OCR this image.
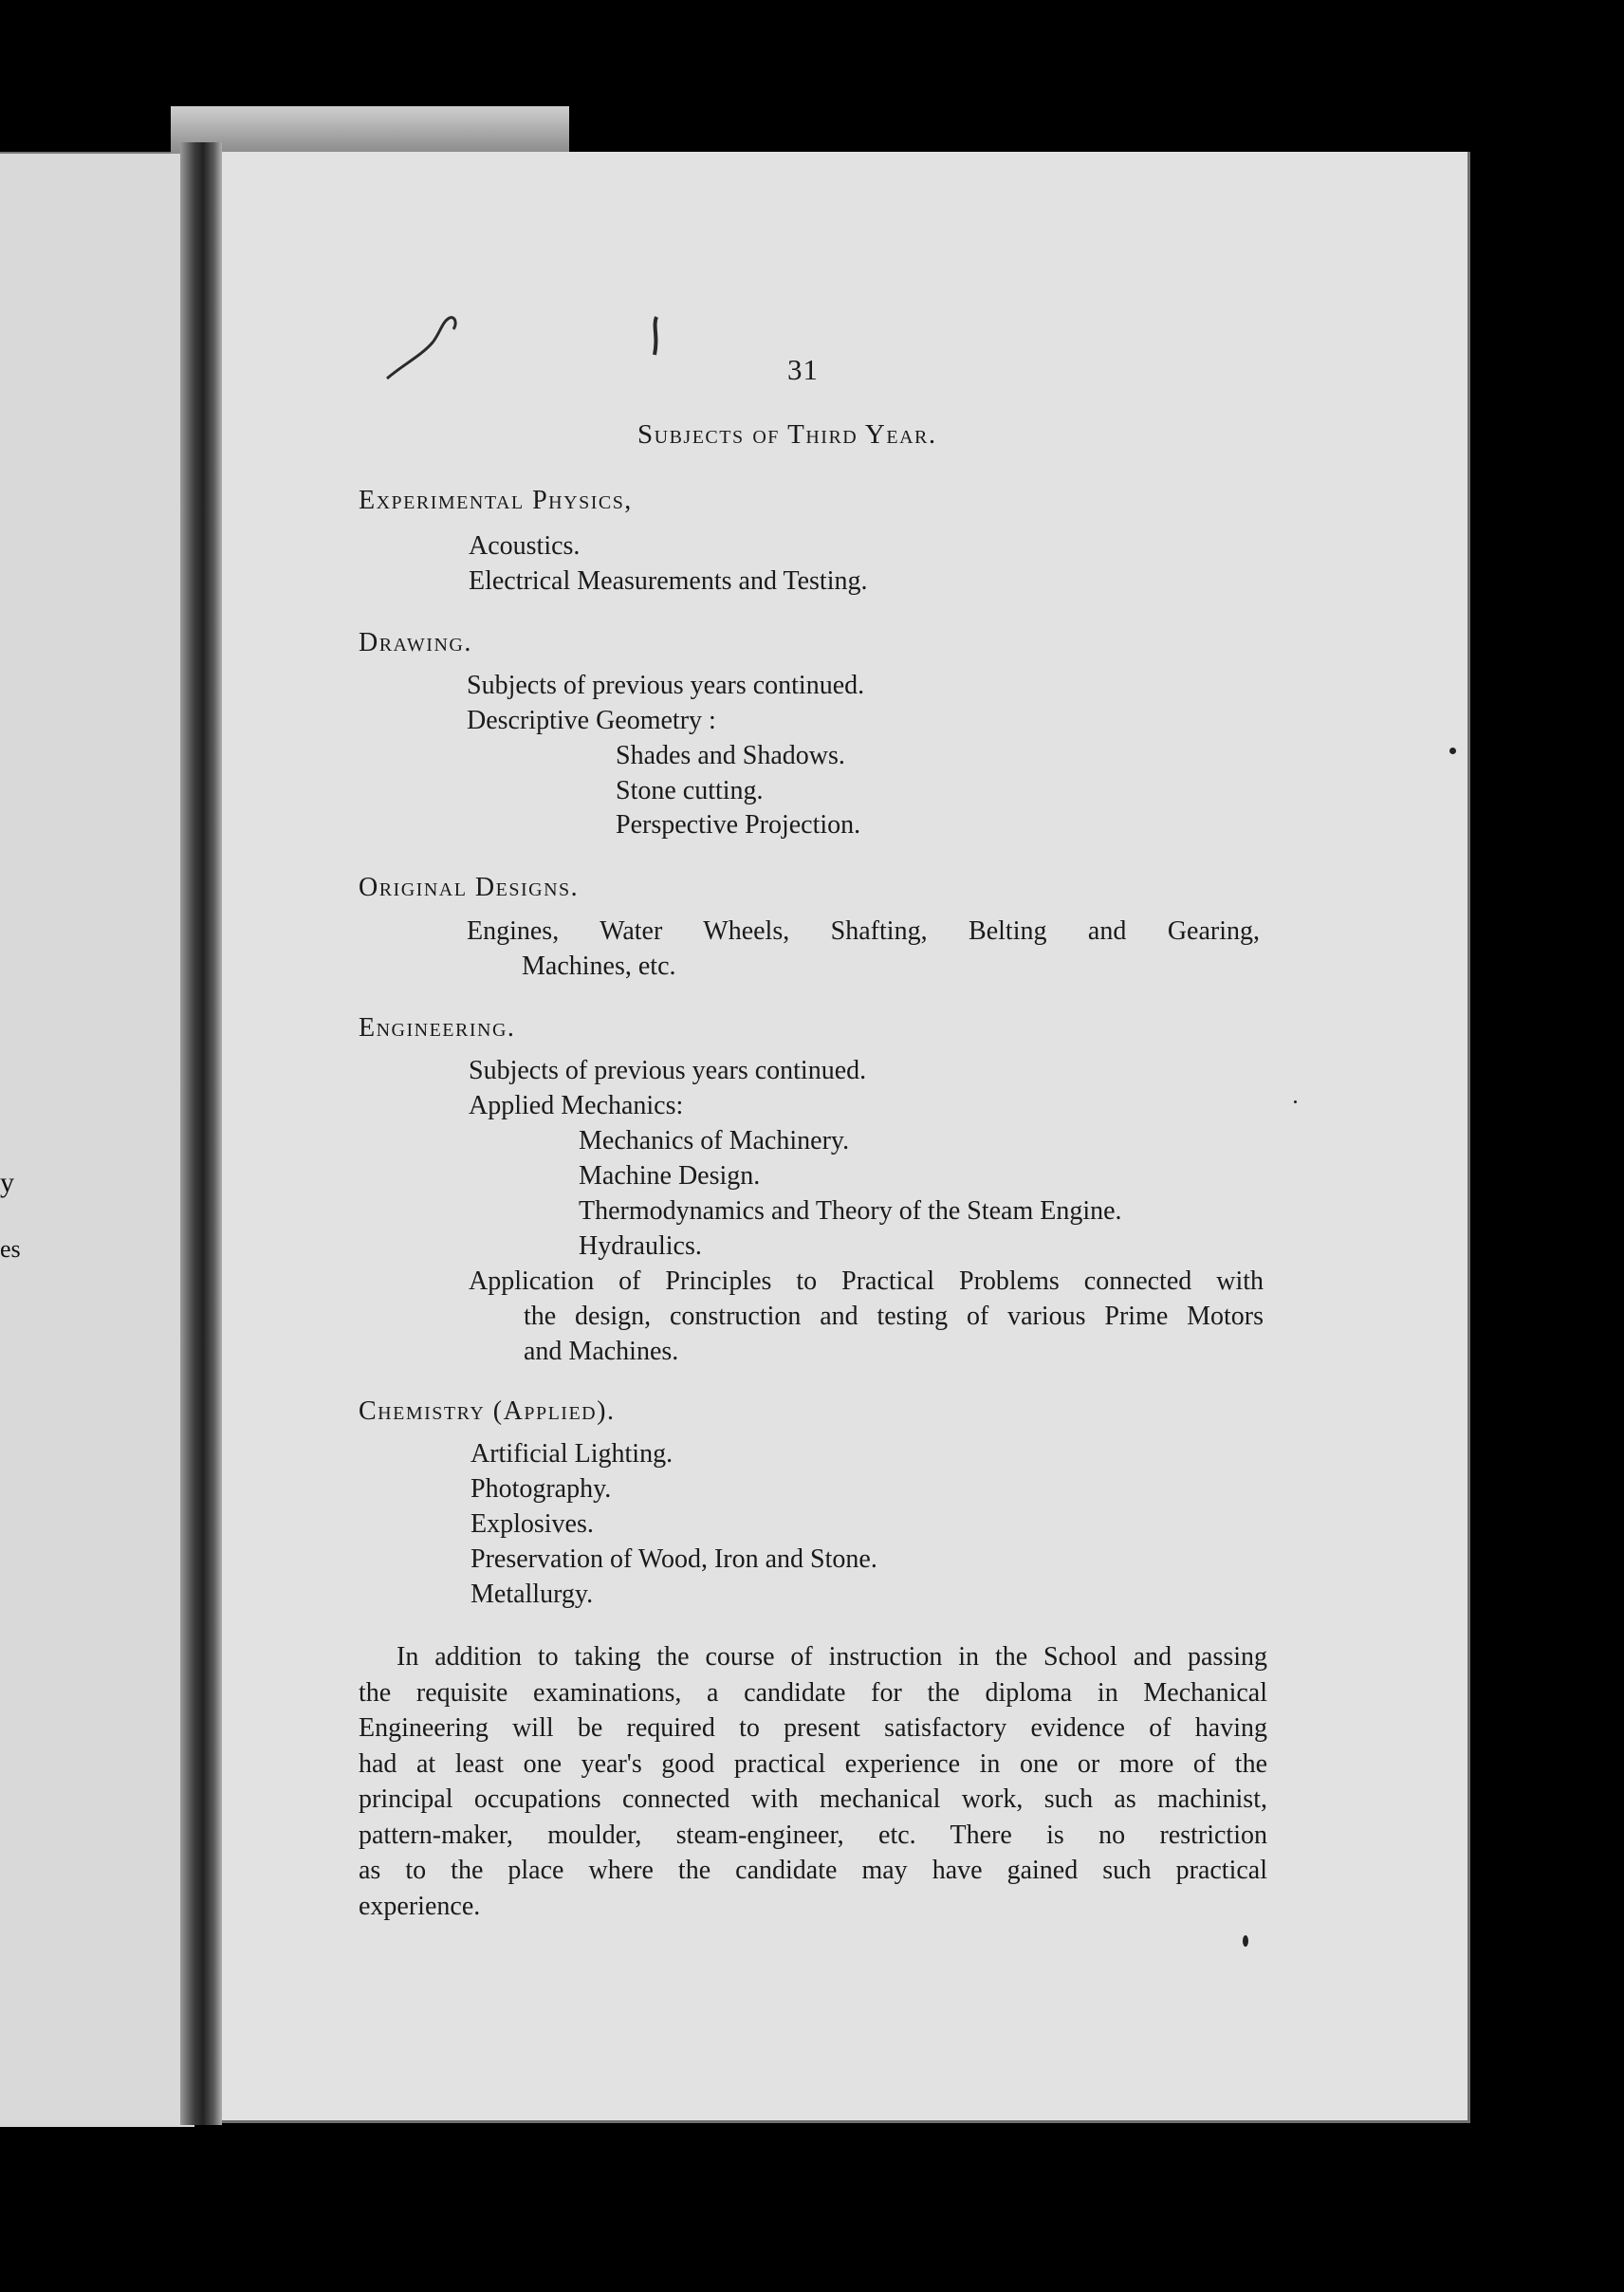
y
es
31
Subjects of Third Year.
Experimental Physics,
Acoustics.
Electrical Measurements and Testing.
Drawing.
Subjects of previous years continued.
Descriptive Geometry :
Shades and Shadows.
Stone cutting.
Perspective Projection.
Original Designs.
Engines, Water Wheels, Shafting, Belting and Gearing,
Machines, etc.
Engineering.
Subjects of previous years continued.
Applied Mechanics:
Mechanics of Machinery.
Machine Design.
Thermodynamics and Theory of the Steam Engine.
Hydraulics.
Application of Principles to Practical Problems connected with
the design, construction and testing of various Prime Motors
and Machines.
Chemistry (Applied).
Artificial Lighting.
Photography.
Explosives.
Preservation of Wood, Iron and Stone.
Metallurgy.
In addition to taking the course of instruction in the School and passing
the requisite examinations, a candidate for the diploma in Mechanical
Engineering will be required to present satisfactory evidence of having
had at least one year's good practical experience in one or more of the
principal occupations connected with mechanical work, such as machinist,
pattern-maker, moulder, steam-engineer, etc. There is no restriction
as to the place where the candidate may have gained such practical
experience.
